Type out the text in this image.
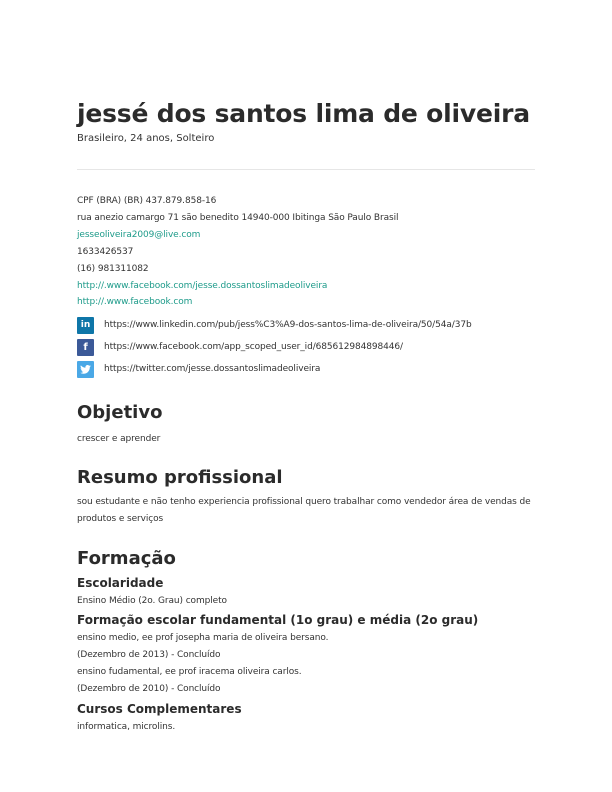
jessé dos santos lima de oliveira
Brasileiro, 24 anos, Solteiro
CPF (BRA) (BR) 437.879.858-16
rua anezio camargo 71 são benedito 14940-000 Ibitinga São Paulo Brasil
jesseoliveira2009@live.com
1633426537
(16) 981311082
http://.www.facebook.com/jesse.dossantoslimadeoliveira
http://.www.facebook.com
in	https://www.linkedin.com/pub/jess%C3%A9-dos-santos-lima-de-oliveira/50/54a/37b
f	https://www.facebook.com/app_scoped_user_id/685612984898446/
https://twitter.com/jesse.dossantoslimadeoliveira
Objetivo
crescer e aprender
Resumo profissional
sou estudante e não tenho experiencia profissional quero trabalhar como vendedor área de vendas de produtos e serviços
Formação
Escolaridade
Ensino Médio (2o. Grau) completo
Formação escolar fundamental (1o grau) e média (2o grau)
ensino medio, ee prof josepha maria de oliveira bersano.
(Dezembro de 2013) - Concluído
ensino fudamental, ee prof iracema oliveira carlos.
(Dezembro de 2010) - Concluído
Cursos Complementares
informatica, microlins.
